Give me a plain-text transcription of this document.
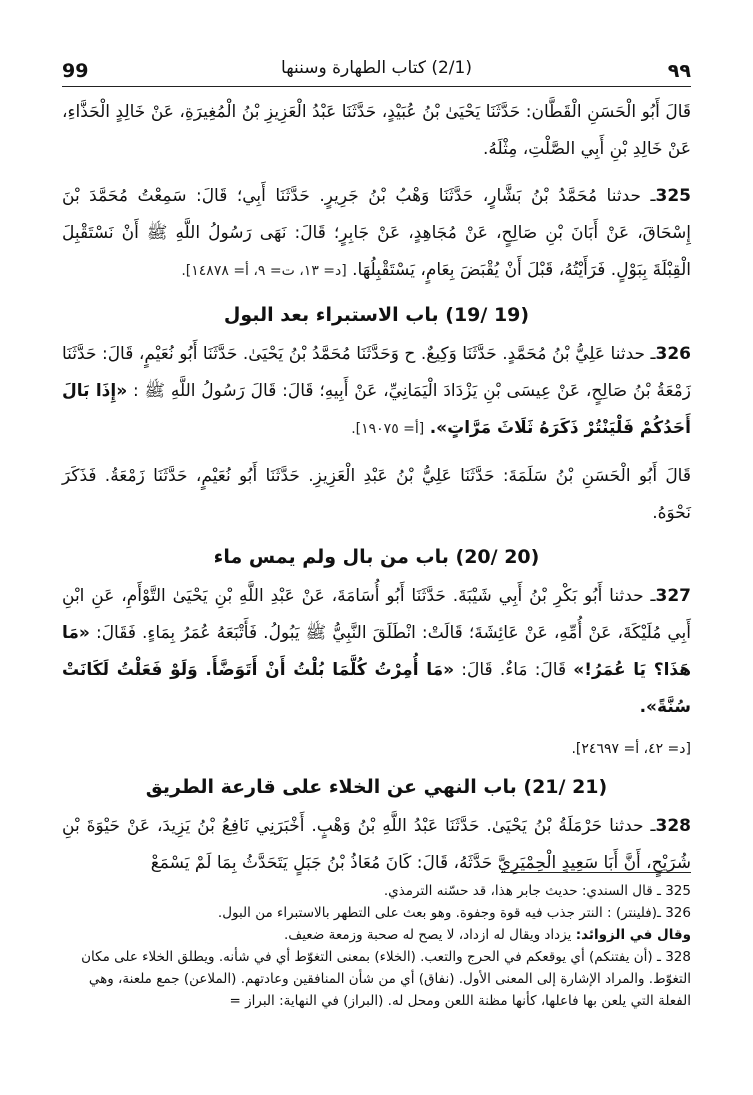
99	(2/1) كتاب الطهارة وسننها	٩٩

قَالَ أَبُو الْحَسَنِ الْقَطَّان: حَدَّثَنَا يَحْيَىٰ بْنُ عُبَيْدٍ، حَدَّثَنَا عَبْدُ الْعَزِيزِ بْنُ الْمُغِيرَةِ، عَنْ خَالِدٍ الْحَذَّاءِ، عَنْ خَالِدِ بْنِ أَبِي الصَّلْتِ، مِثْلَهُ.

325ـ حدثنا مُحَمَّدُ بْنُ بَشَّارٍ، حَدَّثَنَا وَهْبُ بْنُ جَرِيرٍ. حَدَّثَنَا أَبِي؛ قَالَ: سَمِعْتُ مُحَمَّدَ بْنَ إِسْحَاقَ، عَنْ أَبَانَ بْنِ صَالِحٍ، عَنْ مُجَاهِدٍ، عَنْ جَابِرٍ؛ قَالَ: نَهَى رَسُولُ اللَّهِ ﷺ أَنْ نَسْتَقْبِلَ الْقِبْلَةَ بِبَوْلٍ. فَرَأَيْتُهُ، قَبْلَ أَنْ يُقْبَضَ بِعَامٍ، يَسْتَقْبِلُهَا. [د= ١٣، ت= ٩، أ= ١٤٨٧٨].

(19 /19) باب الاستبراء بعد البول

326ـ حدثنا عَلِيُّ بْنُ مُحَمَّدٍ. حَدَّثَنَا وَكِيعٌ. ح وَحَدَّثَنَا مُحَمَّدُ بْنُ يَحْيَىٰ. حَدَّثَنَا أَبُو نُعَيْمٍ، قَالَ: حَدَّثَنَا زَمْعَةُ بْنُ صَالِحٍ، عَنْ عِيسَى بْنِ يَزْدَادَ الْيَمَانِيِّ، عَنْ أَبِيهِ؛ قَالَ: قَالَ رَسُولُ اللَّهِ ﷺ : «إِذَا بَالَ أَحَدُكُمْ فَلْيَنْتُرْ ذَكَرَهُ ثَلَاثَ مَرَّاتٍ». [أ= ١٩٠٧٥].

قَالَ أَبُو الْحَسَنِ بْنُ سَلَمَةَ: حَدَّثَنَا عَلِيُّ بْنُ عَبْدِ الْعَزِيزِ. حَدَّثَنَا أَبُو نُعَيْمٍ، حَدَّثَنَا زَمْعَةُ. فَذَكَرَ نَحْوَهُ.

(20 /20) باب من بال ولم يمس ماء

327ـ حدثنا أَبُو بَكْرِ بْنُ أَبِي شَيْبَةَ. حَدَّثَنَا أَبُو أُسَامَةَ، عَنْ عَبْدِ اللَّهِ بْنِ يَحْيَىٰ التَّوْأَمِ، عَنِ ابْنِ أَبِي مُلَيْكَةَ، عَنْ أُمِّهِ، عَنْ عَائِشَةَ؛ قَالَتْ: انْطَلَقَ النَّبِيُّ ﷺ يَبُولُ. فَأَتْبَعَهُ عُمَرُ بِمَاءٍ. فَقَالَ: «مَا هَذَا؟ يَا عُمَرُ!» قَالَ: مَاءٌ. قَالَ: «مَا أُمِرْتُ كُلَّمَا بُلْتُ أَنْ أَتَوَضَّأَ. وَلَوْ فَعَلْتُ لَكَانَتْ سُنَّةً».

[د= ٤٢، أ= ٢٤٦٩٧].
(21 /21) باب النهي عن الخلاء على قارعة الطريق

328ـ حدثنا حَرْمَلَةُ بْنُ يَحْيَىٰ. حَدَّثَنَا عَبْدُ اللَّهِ بْنُ وَهْبٍ. أَخْبَرَنِي نَافِعُ بْنُ يَزِيدَ، عَنْ حَيْوَةَ بْنِ شُرَيْحٍ، أَنَّ أَبَا سَعِيدٍ الْحِمْيَرِيَّ حَدَّثَهُ، قَالَ: كَانَ مُعَاذُ بْنُ جَبَلٍ يَتَحَدَّثُ بِمَا لَمْ يَسْمَعْ

325 ـ قال السندي: حديث جابر هذا، قد حسّنه الترمذي.

326 ـ(فلينتر) : النتر جذب فيه قوة وجفوة. وهو بعث على التطهر بالاستبراء من البول.

وقال في الزوائد: يزداد ويقال له ازداد، لا يصح له صحبة وزمعة ضعيف.

328 ـ (أن يفتنكم) أي يوقعكم في الحرج والتعب. (الخلاء) بمعنى التغوّط أي في شأنه. ويطلق الخلاء على مكان التغوّط. والمراد الإشارة إلى المعنى الأول. (نفاق) أي من شأن المنافقين وعادتهم. (الملاعن) جمع ملعنة، وهي الفعلة التي يلعن بها فاعلها، كأنها مظنة اللعن ومحل له. (البراز) في النهاية: البراز =
